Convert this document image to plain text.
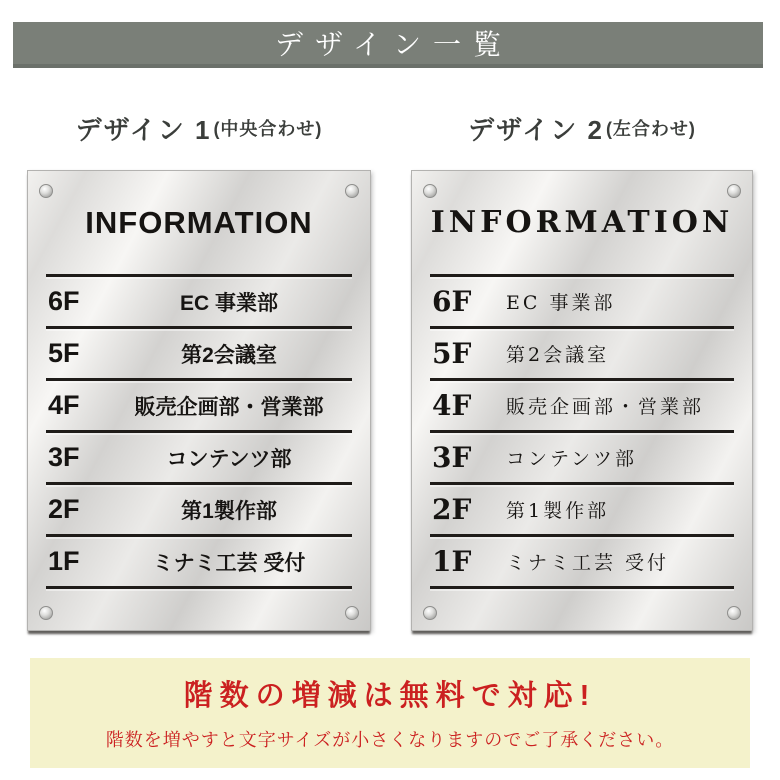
デザイン一覧
デザイン 1 (中央合わせ)	デザイン 2 (左合わせ)
INFORMATION
6F	EC 事業部
5F	第2会議室
4F	販売企画部・営業部
3F	コンテンツ部
2F	第1製作部
1F	ミナミ工芸 受付
INFORMATION
6F	EC 事業部
5F	第2会議室
4F	販売企画部・営業部
3F	コンテンツ部
2F	第1製作部
1F	ミナミ工芸 受付
階数の増減は無料で対応!
階数を増やすと文字サイズが小さくなりますのでご了承ください。
